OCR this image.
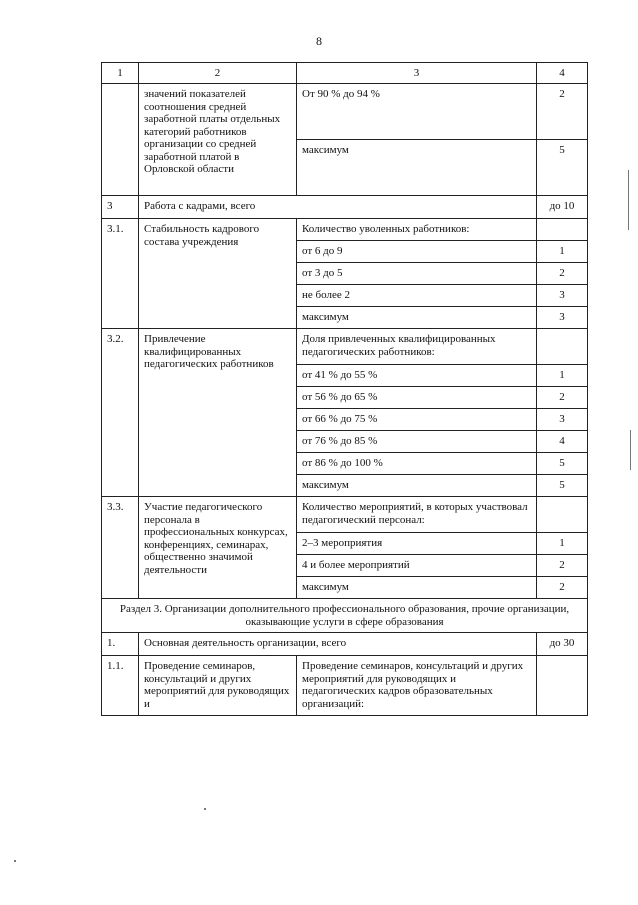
8
1	2	3	4
	значений показателей соотношения средней заработной платы отдельных категорий работников организации со средней заработной платой в Орловской области	От 90 % до 94 %	2
		максимум	5
3	Работа с кадрами, всего		до 10
3.1.	Стабильность кадрового состава учреждения	Количество уволенных работников:	
		от 6 до 9	1
		от 3 до 5	2
		не более 2	3
		максимум	3
3.2.	Привлечение квалифицированных педагогических работников	Доля привлеченных квалифицированных педагогических работников:	
		от 41 % до 55 %	1
		от 56 % до 65 %	2
		от 66 % до 75 %	3
		от 76 % до 85 %	4
		от 86 % до 100 %	5
		максимум	5
3.3.	Участие педагогического персонала в профессиональных конкурсах, конференциях, семинарах, общественно значимой деятельности	Количество мероприятий, в которых участвовал педагогический персонал:	
		2–3 мероприятия	1
		4 и более мероприятий	2
		максимум	2
Раздел 3. Организации дополнительного профессионального образования, прочие организации, оказывающие услуги в сфере образования			
1.	Основная деятельность организации, всего		до 30
1.1.	Проведение семинаров, консультаций и других мероприятий для руководящих и	Проведение семинаров, консультаций и других мероприятий для руководящих и педагогических кадров образовательных организаций:	
